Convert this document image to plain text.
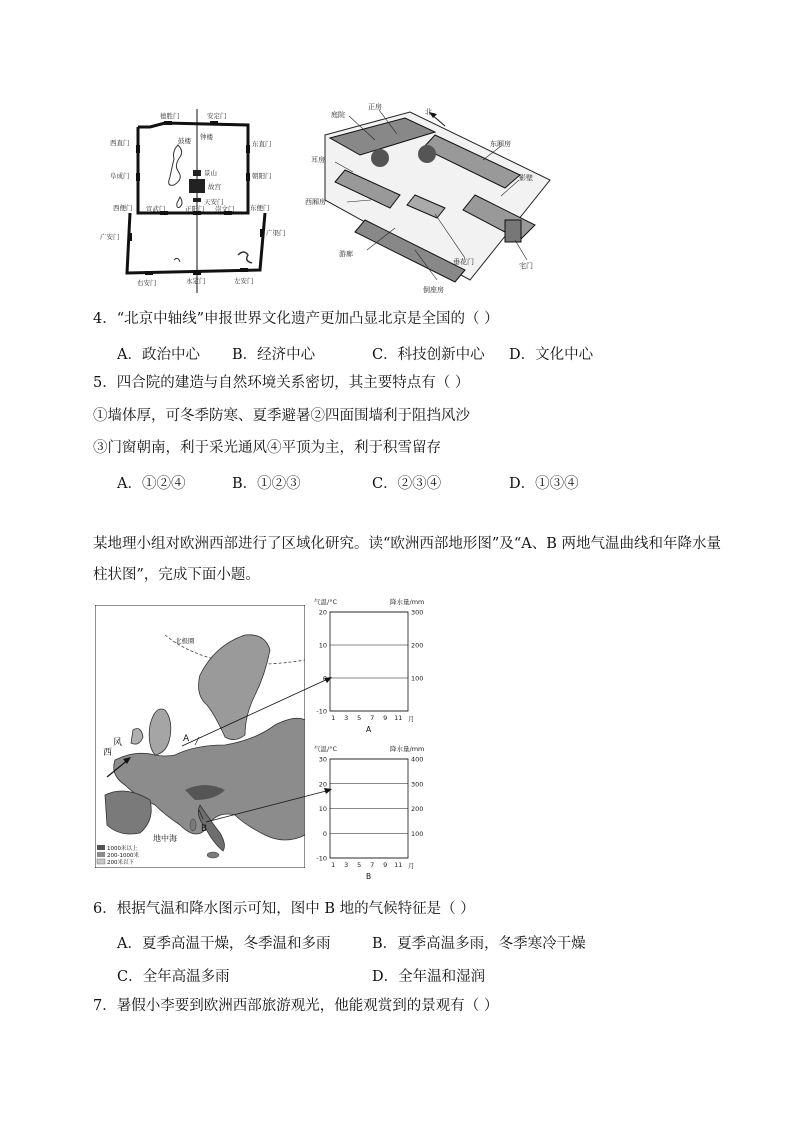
德胜门	安定门
钟楼
鼓楼
西直门	东直门
阜成门	景山
故宫
朝阳门
天安门
西便门 宣武门	正阳门 崇文门 东便门
广安门	广渠门
右安门	永定门	左安门
正房
庭院	北
东厢房
耳房
影壁
西厢房
宅门
游廊
垂花门
倒座房
4．“北京中轴线”申报世界文化遗产更加凸显北京是全国的（ ）
A．政治中心 B．经济中心	C．科技创新中心 D．文化中心
5．四合院的建造与自然环境关系密切，其主要特点有（ ）
①墙体厚，可冬季防寒、夏季避暑②四面围墙利于阻挡风沙
③门窗朝南，利于采光通风④平顶为主，利于积雪留存
A．①②④	B．①②③	C．②③④	D．①③④
某地理小组对欧洲西部进行了区域化研究。读“欧洲西部地形图”及“A、B 两地气温曲线和年降水量
柱状图”，完成下面小题。
北极圈
风
西
A
B
地中海
1000米以上
200-1000米
200米以下
气温/°C	降水量/mm
20
10
0
-10
300
200
100
1 3 5 7 9 11 月
A
气温/°C	降水量/mm
30
20
10
0
-10
400
300
200
100
1 3 5 7 9 11 月
B
6．根据气温和降水图示可知，图中 B 地的气候特征是（ ）
A．夏季高温干燥，冬季温和多雨	B．夏季高温多雨，冬季寒冷干燥
C．全年高温多雨	D．全年温和湿润
7．暑假小李要到欧洲西部旅游观光，他能观赏到的景观有（ ）
